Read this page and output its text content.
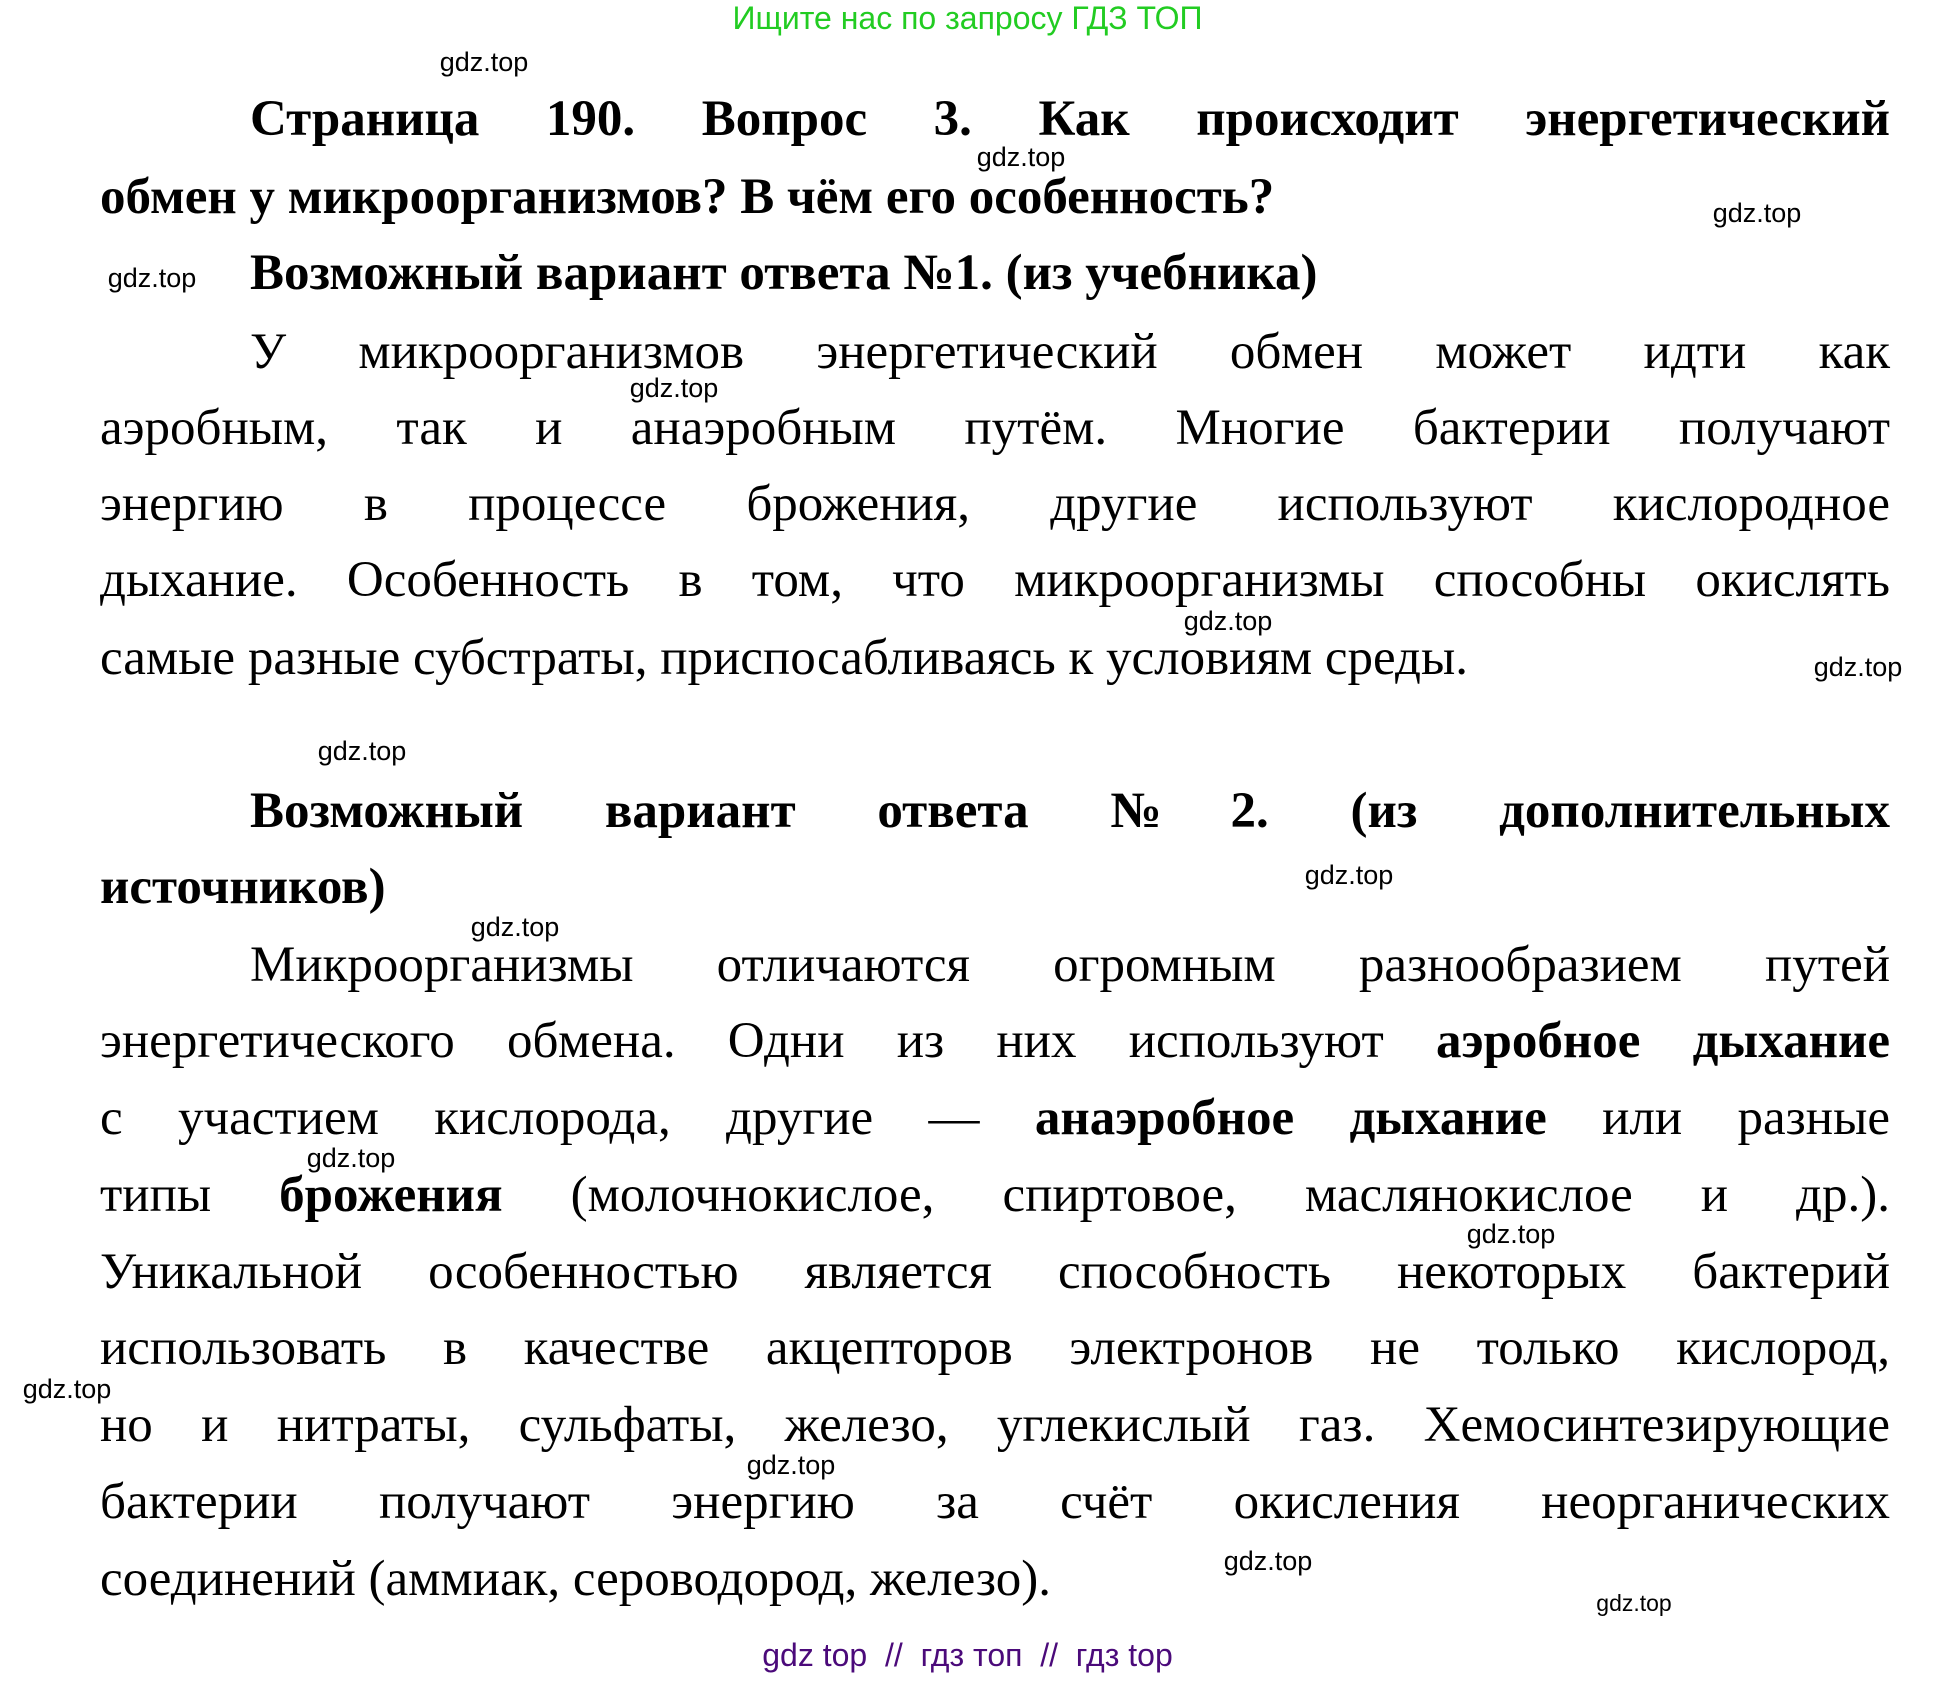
Ищите нас по запросу ГДЗ ТОП
Страница 190. Вопрос 3. Как происходит энергетический
обмен у микроорганизмов? В чём его особенность?
Возможный вариант ответа №1. (из учебника)
У микроорганизмов энергетический обмен может идти как
аэробным, так и анаэробным путём. Многие бактерии получают
энергию в процессе брожения, другие используют кислородное
дыхание. Особенность в том, что микроорганизмы способны окислять
самые разные субстраты, приспосабливаясь к условиям среды.
Возможный вариант ответа №2. (из дополнительных
источников)
Микроорганизмы отличаются огромным разнообразием путей
энергетического обмена. Одни из них используют аэробное дыхание
с участием кислорода, другие — анаэробное дыхание или разные
типы брожения (молочнокислое, спиртовое, маслянокислое и др.).
Уникальной особенностью является способность некоторых бактерий
использовать в качестве акцепторов электронов не только кислород,
но и нитраты, сульфаты, железо, углекислый газ. Хемосинтезирующие
бактерии получают энергию за счёт окисления неорганических
соединений (аммиак, сероводород, железо).
gdz.top
gdz.top
gdz.top
gdz.top
gdz.top
gdz.top
gdz.top
gdz.top
gdz.top
gdz.top
gdz.top
gdz.top
gdz.top
gdz.top
gdz.top
gdz.top
gdz top  //  гдз топ  //  гдз top
